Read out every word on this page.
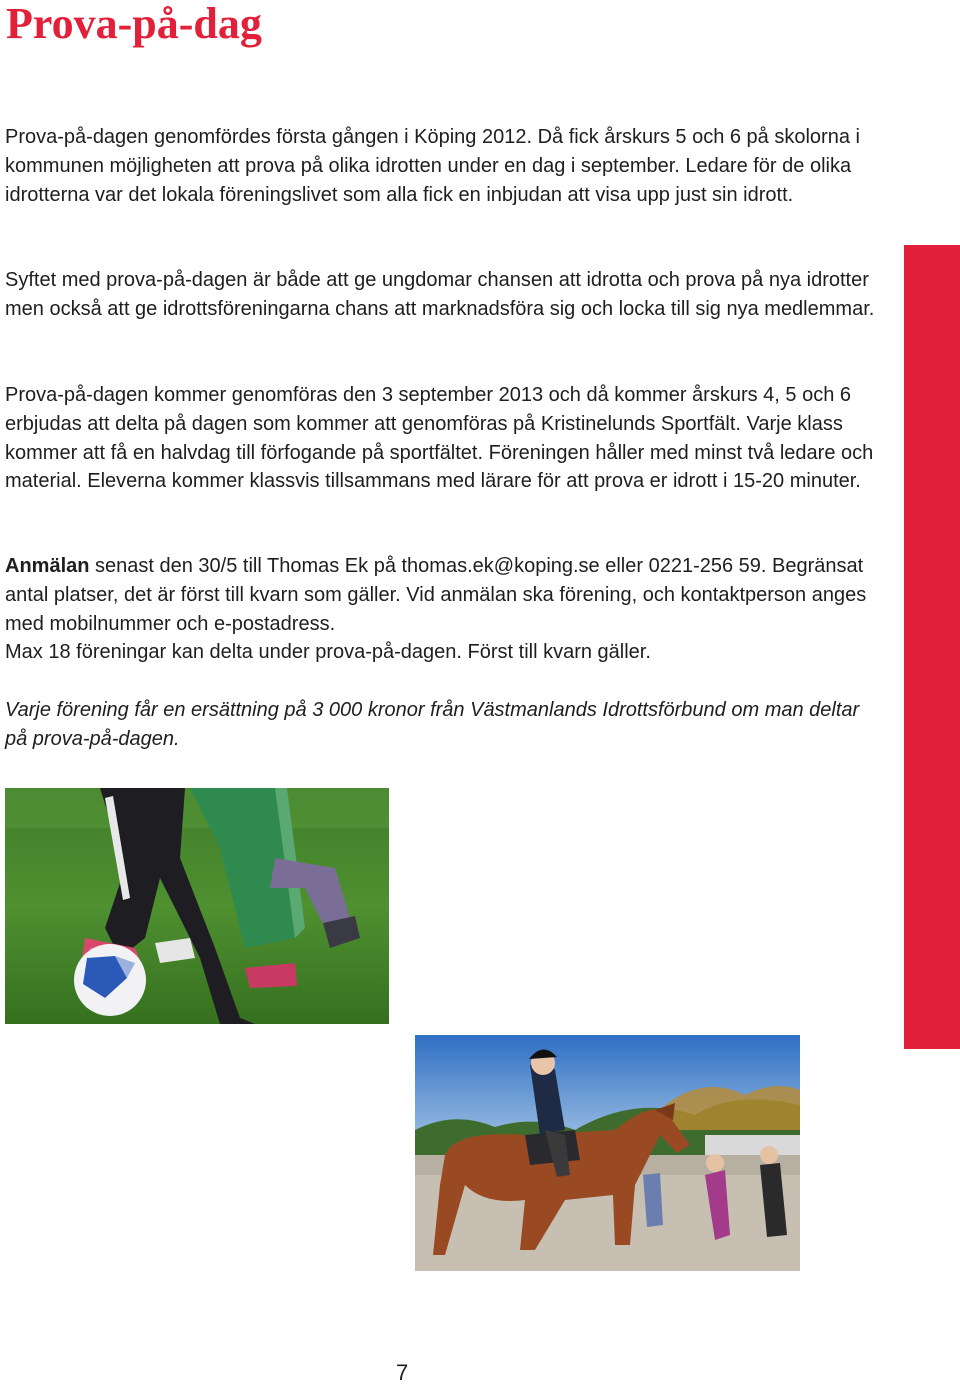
Prova-på-dag

Prova-på-dagen genomfördes första gången i Köping 2012. Då fick årskurs 5 och 6 på skolorna i kommunen möjligheten att prova på olika idrotten under en dag i september. Ledare för de olika idrotterna var det lokala föreningslivet som alla fick en inbjudan att visa upp just sin idrott.

Syftet med prova-på-dagen är både att ge ungdomar chansen att idrotta och prova på nya idrotter men också att ge idrottsföreningarna chans att marknadsföra sig och locka till sig nya medlemmar.

Prova-på-dagen kommer genomföras den 3 september 2013 och då kommer årskurs 4, 5 och 6 erbjudas att delta på dagen som kommer att genomföras på Kristinelunds Sportfält. Varje klass kommer att få en halvdag till förfogande på sportfältet. Föreningen håller med minst två ledare och material. Eleverna kommer klassvis tillsammans med lärare för att prova er idrott i 15-20 minuter.

Anmälan senast den 30/5 till Thomas Ek på thomas.ek@koping.se eller 0221-256 59. Begränsat antal platser, det är först till kvarn som gäller. Vid anmälan ska förening, och kontaktperson anges med mobilnummer och e-postadress.
Max 18 föreningar kan delta under prova-på-dagen. Först till kvarn gäller.

Varje förening får en ersättning på 3 000 kronor från Västmanlands Idrottsförbund om man deltar på prova-på-dagen.

7
